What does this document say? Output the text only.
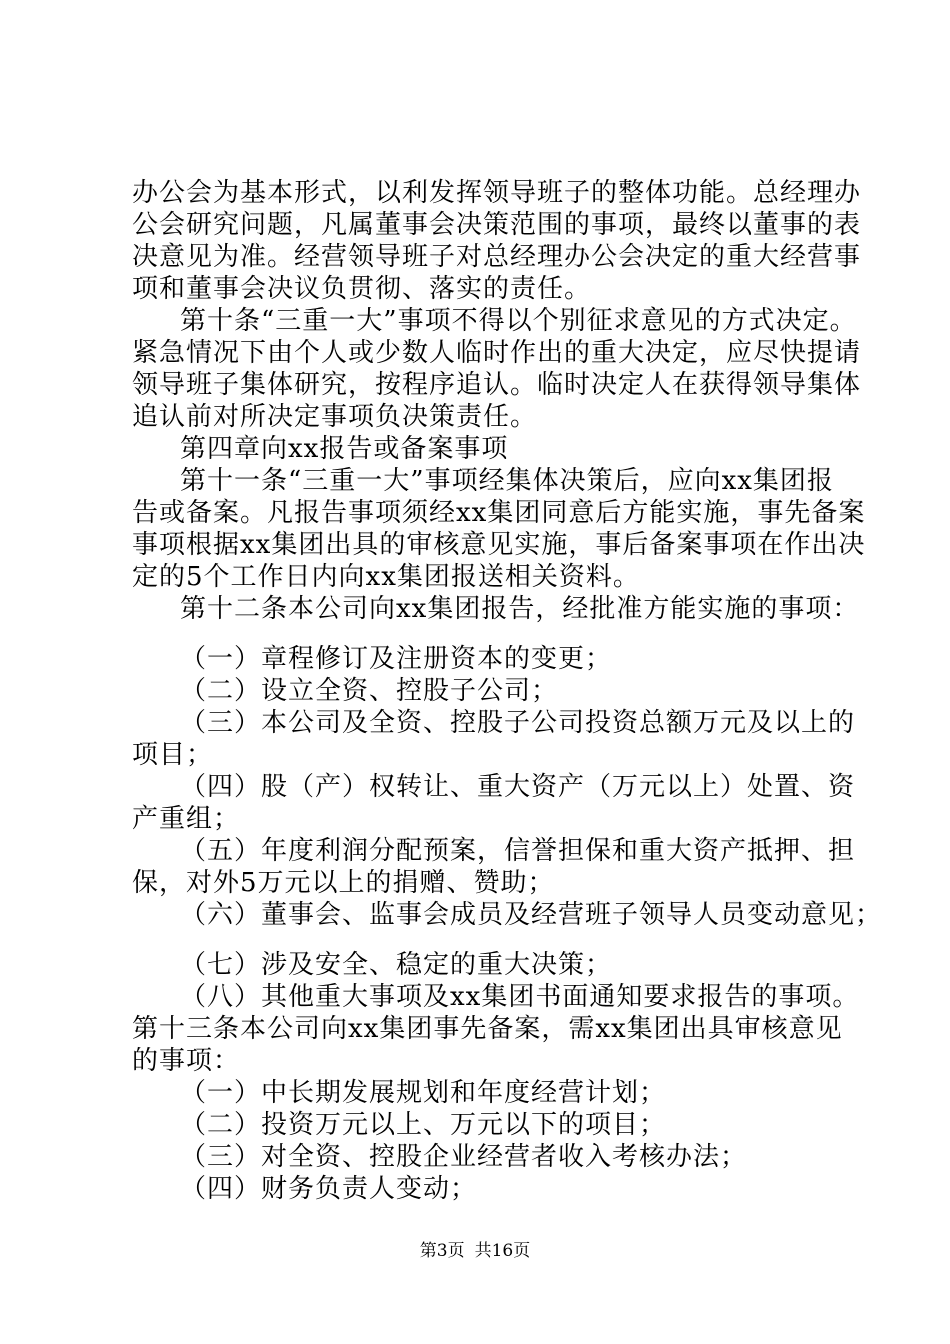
办公会为基本形式，以利发挥领导班子的整体功能。总经理办
公会研究问题，凡属董事会决策范围的事项，最终以董事的表
决意见为准。经营领导班子对总经理办公会决定的重大经营事
项和董事会决议负贯彻、落实的责任。
第十条“三重一大”事项不得以个别征求意见的方式决定。
紧急情况下由个人或少数人临时作出的重大决定，应尽快提请
领导班子集体研究，按程序追认。临时决定人在获得领导集体
追认前对所决定事项负决策责任。
第四章向xx报告或备案事项
第十一条“三重一大”事项经集体决策后，应向xx集团报
告或备案。凡报告事项须经xx集团同意后方能实施，事先备案
事项根据xx集团出具的审核意见实施，事后备案事项在作出决
定的5个工作日内向xx集团报送相关资料。
第十二条本公司向xx集团报告，经批准方能实施的事项：
（一）章程修订及注册资本的变更；
（二）设立全资、控股子公司；
（三）本公司及全资、控股子公司投资总额万元及以上的
项目；
（四）股（产）权转让、重大资产（万元以上）处置、资
产重组；
（五）年度利润分配预案，信誉担保和重大资产抵押、担
保，对外5万元以上的捐赠、赞助；
（六）董事会、监事会成员及经营班子领导人员变动意见；
（七）涉及安全、稳定的重大决策；
（八）其他重大事项及xx集团书面通知要求报告的事项。
第十三条本公司向xx集团事先备案，需xx集团出具审核意见
的事项：
（一）中长期发展规划和年度经营计划；
（二）投资万元以上、万元以下的项目；
（三）对全资、控股企业经营者收入考核办法；
（四）财务负责人变动；
第3页 共16页
